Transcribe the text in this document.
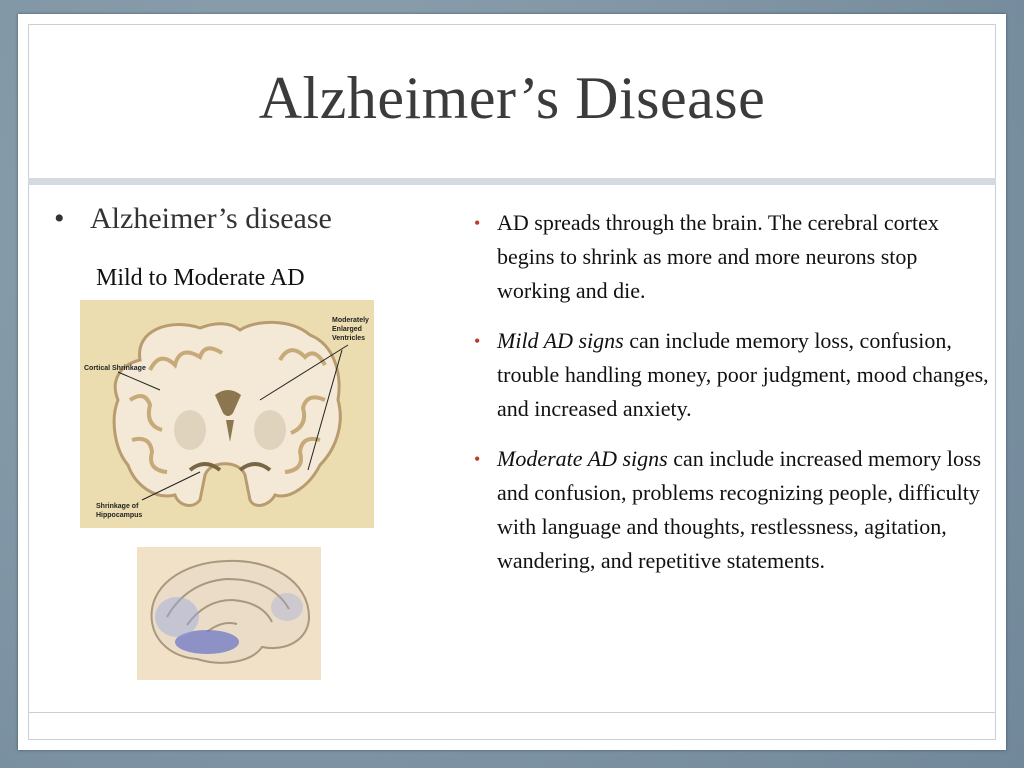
Alzheimer’s Disease
• Alzheimer’s disease
Mild to Moderate AD
Moderately
Enlarged
Ventricles
Cortical Shrinkage
Shrinkage of
Hippocampus
• AD spreads through the brain. The cerebral cortex begins to shrink as more and more neurons stop working and die.
• Mild AD signs can include memory loss, confusion, trouble handling money, poor judgment, mood changes, and increased anxiety.
• Moderate AD signs can include increased memory loss and confusion, problems recognizing people, difficulty with language and thoughts, restlessness, agitation, wandering, and repetitive statements.
